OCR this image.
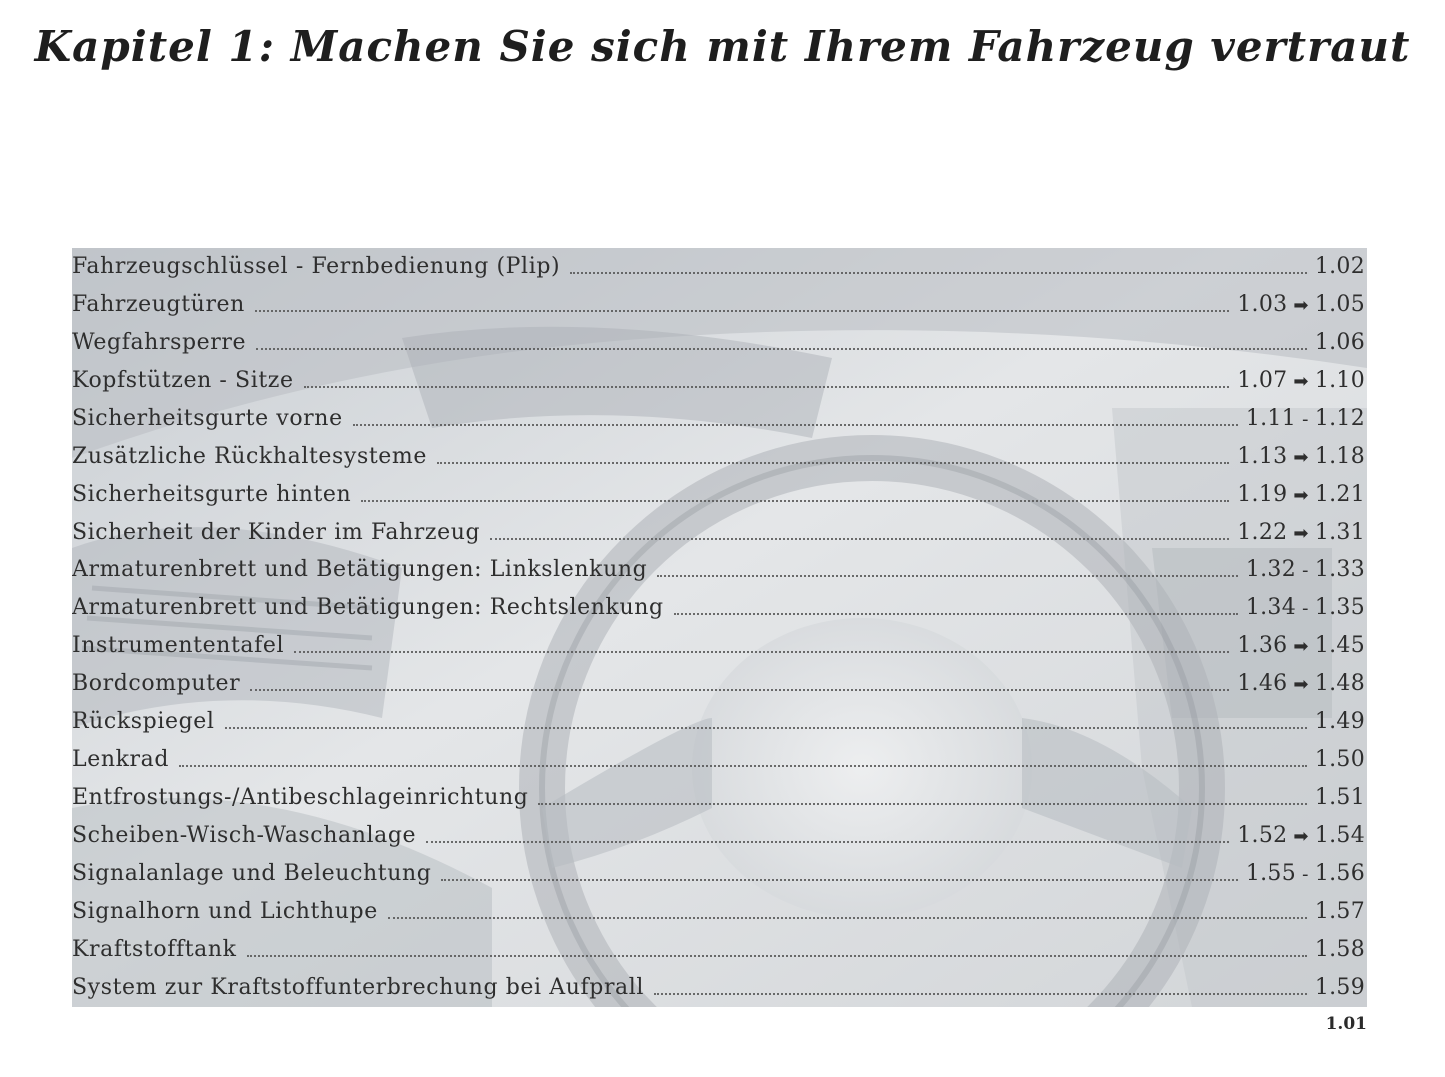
Kapitel 1: Machen Sie sich mit Ihrem Fahrzeug vertraut
Fahrzeugschlüssel - Fernbedienung (Plip)	1.02
Fahrzeugtüren	1.03 ➡ 1.05
Wegfahrsperre	1.06
Kopfstützen - Sitze	1.07 ➡ 1.10
Sicherheitsgurte vorne	1.11 - 1.12
Zusätzliche Rückhaltesysteme	1.13 ➡ 1.18
Sicherheitsgurte hinten	1.19 ➡ 1.21
Sicherheit der Kinder im Fahrzeug	1.22 ➡ 1.31
Armaturenbrett und Betätigungen: Linkslenkung	1.32 - 1.33
Armaturenbrett und Betätigungen: Rechtslenkung	1.34 - 1.35
Instrumententafel	1.36 ➡ 1.45
Bordcomputer	1.46 ➡ 1.48
Rückspiegel	1.49
Lenkrad	1.50
Entfrostungs-/Antibeschlageinrichtung	1.51
Scheiben-Wisch-Waschanlage	1.52 ➡ 1.54
Signalanlage und Beleuchtung	1.55 - 1.56
Signalhorn und Lichthupe	1.57
Kraftstofftank	1.58
System zur Kraftstoffunterbrechung bei Aufprall	1.59
1.01
